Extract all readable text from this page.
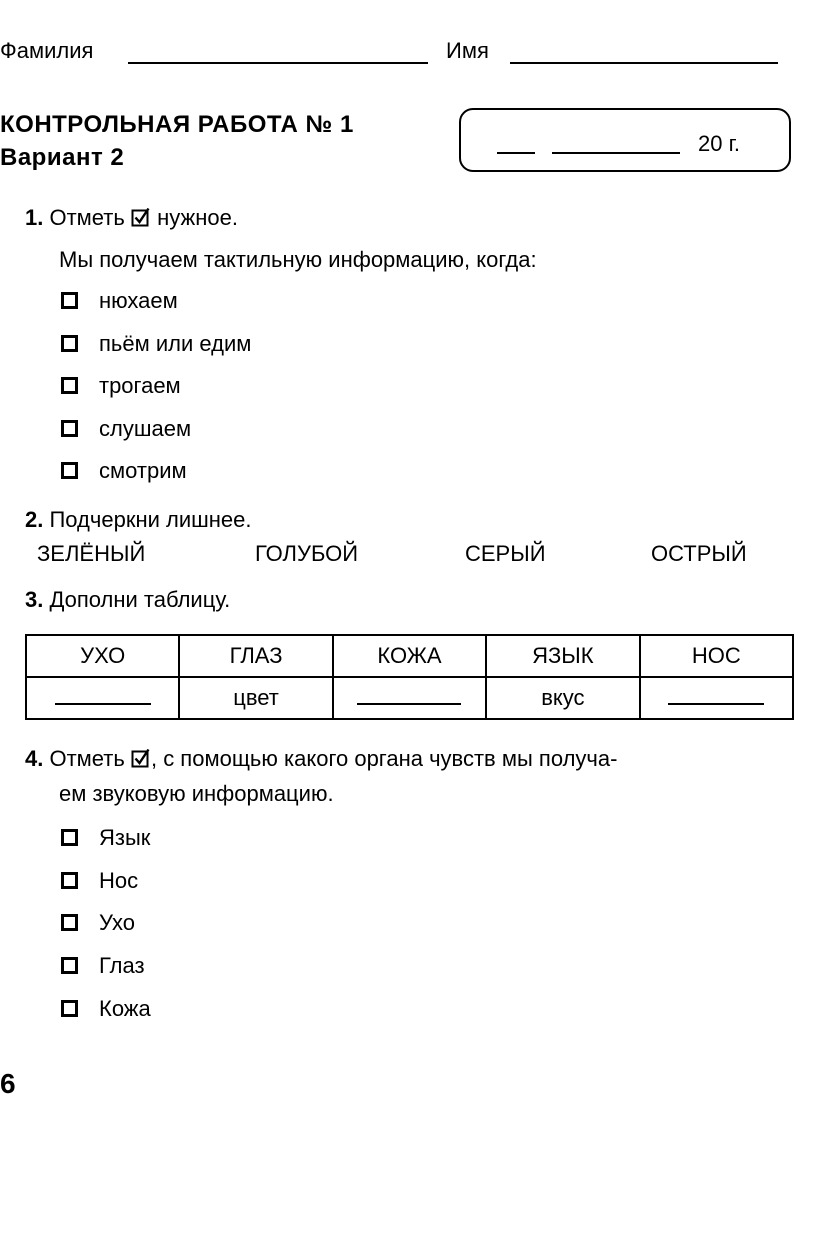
Фамилия	Имя
КОНТРОЛЬНАЯ РАБОТА № 1
Вариант 2
20 г.
1. Отметь нужное.
Мы получаем тактильную информацию, когда:
нюхаем
пьём или едим
трогаем
слушаем
смотрим
2. Подчеркни лишнее.
ЗЕЛЁНЫЙ	ГОЛУБОЙ	СЕРЫЙ	ОСТРЫЙ
3. Дополни таблицу.
УХО	ГЛАЗ	КОЖА	ЯЗЫК	НОС
	цвет		вкус	
4. Отметь , с помощью какого органа чувств мы получа-
ем звуковую информацию.
Язык
Нос
Ухо
Глаз
Кожа
6
